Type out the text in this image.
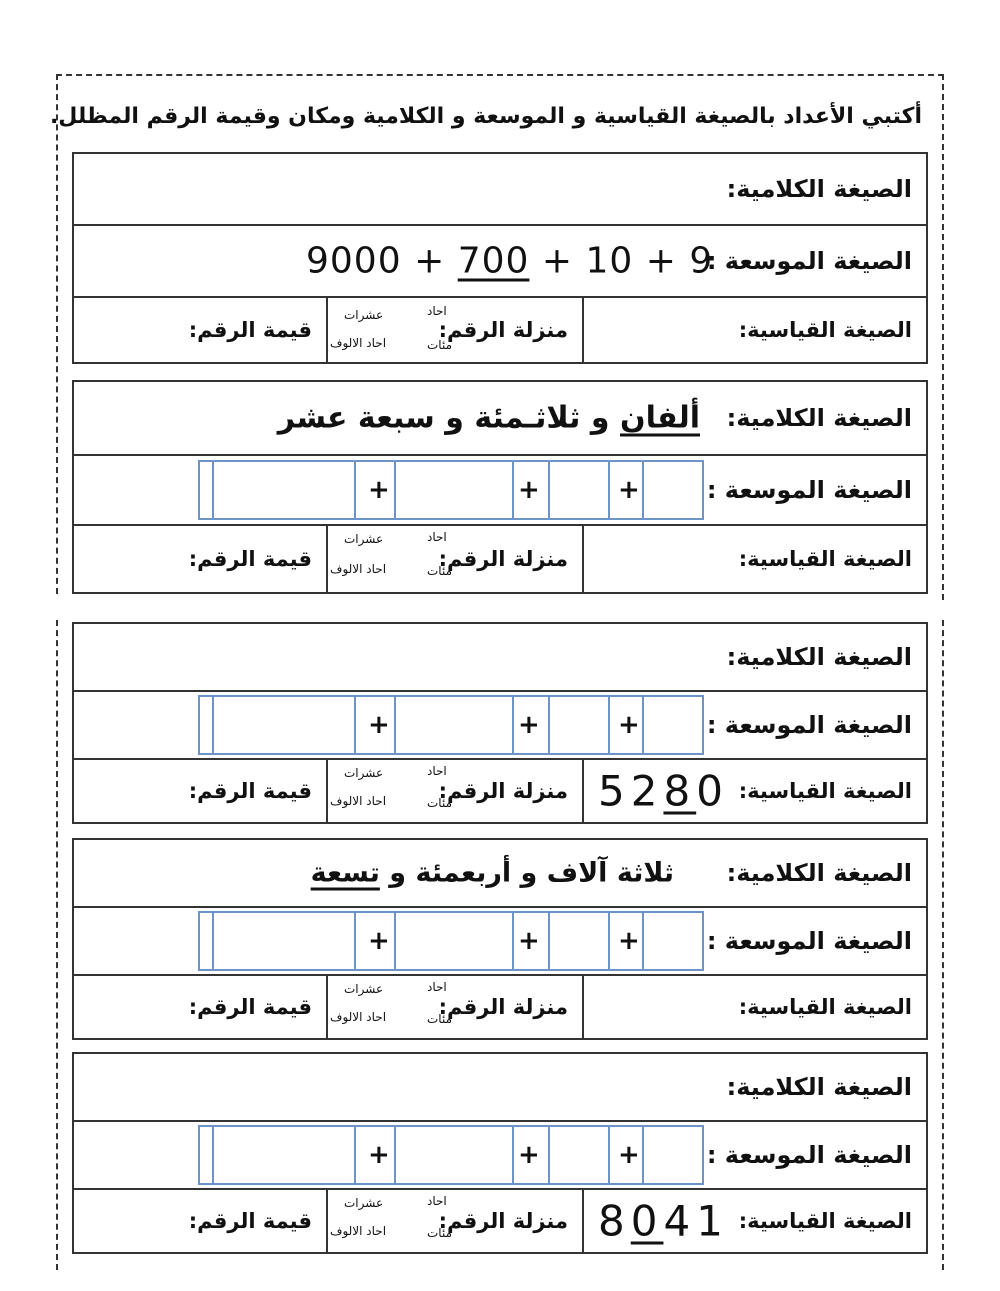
أكتبي الأعداد بالصيغة القياسية و الموسعة و الكلامية ومكان وقيمة الرقم المظلل.
الصيغة الكلامية:
الصيغة الموسعة :
9000 + 700 + 10 + 9
الصيغة القياسية:
منزلة الرقم:
احاد
عشرات
مئات
احاد الالوف
قيمة الرقم:
الصيغة الكلامية:
ألفان و ثلاثـمئة و سبعة عشر
الصيغة الموسعة :
+	+	+
الصيغة القياسية:
منزلة الرقم:
احاد
عشرات
مئات
احاد الالوف
قيمة الرقم:
الصيغة الكلامية:
الصيغة الموسعة :
+	+	+
الصيغة القياسية:
5280
منزلة الرقم:
احاد
عشرات
مئات
احاد الالوف
قيمة الرقم:
الصيغة الكلامية:
ثلاثة آلاف و أربعمئة و تسعة
الصيغة الموسعة :
+	+	+
الصيغة القياسية:
منزلة الرقم:
احاد
عشرات
مئات
احاد الالوف
قيمة الرقم:
الصيغة الكلامية:
الصيغة الموسعة :
+	+	+
الصيغة القياسية:
8041
منزلة الرقم:
احاد
عشرات
مئات
احاد الالوف
قيمة الرقم:
